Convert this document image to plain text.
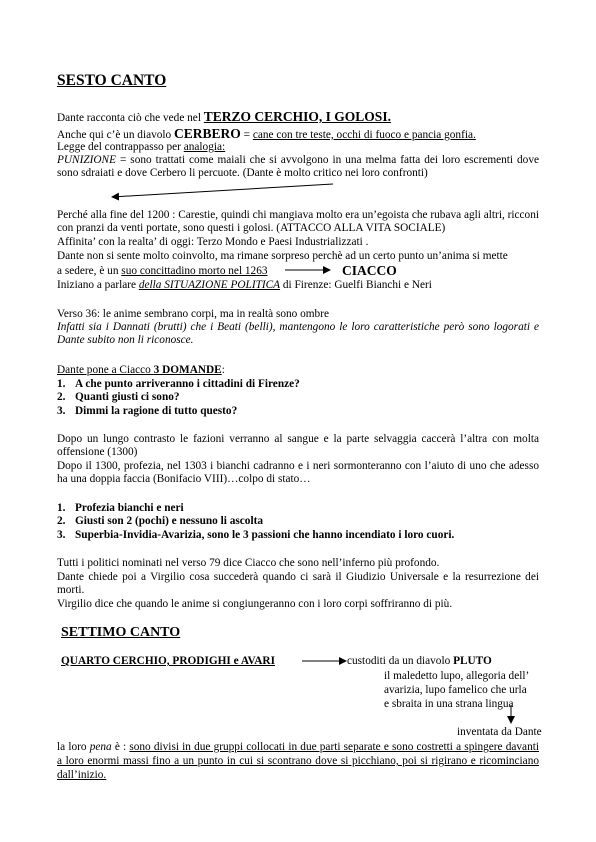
SESTO CANTO
Dante racconta ciò che vede nel TERZO CERCHIO, I GOLOSI.
Anche qui c’è un diavolo CERBERO = cane con tre teste, occhi di fuoco e pancia gonfia.
Legge del contrappasso per analogia:
PUNIZIONE = sono trattati come maiali che si avvolgono in una melma fatta dei loro escrementi dove sono sdraiati e dove Cerbero li percuote. (Dante è molto critico nei loro confronti)
Perché alla fine del 1200 : Carestie, quindi chi mangiava molto era un’egoista che rubava agli altri, ricconi con pranzi da venti portate, sono questi i golosi. (ATTACCO ALLA VITA SOCIALE)
Affinita’ con la realta’ di oggi: Terzo Mondo e Paesi Industrializzati .
Dante non si sente molto coinvolto, ma rimane sorpreso perchè ad un certo punto un’anima si mette
a sedere, è un suo concittadino morto nel 1263	CIACCO
Iniziano a parlare della SITUAZIONE POLITICA di Firenze: Guelfi Bianchi e Neri
Verso 36: le anime sembrano corpi, ma in realtà sono ombre
Infatti sia i Dannati (brutti) che i Beati (belli), mantengono le loro caratteristiche però sono logorati e Dante subito non li riconosce.
Dante pone a Ciacco 3 DOMANDE:
1. A che punto arriveranno i cittadini di Firenze?
2. Quanti giusti ci sono?
3. Dimmi la ragione di tutto questo?
Dopo un lungo contrasto le fazioni verranno al sangue e la parte selvaggia caccerà l’altra con molta offensione (1300)
Dopo il 1300, profezia, nel 1303 i bianchi cadranno e i neri sormonteranno con l’aiuto di uno che adesso ha una doppia faccia (Bonifacio VIII)…colpo di stato…
1. Profezia bianchi e neri
2. Giusti son 2 (pochi) e nessuno li ascolta
3. Superbia-Invidia-Avarizia, sono le 3 passioni che hanno incendiato i loro cuori.
Tutti i politici nominati nel verso 79 dice Ciacco che sono nell’inferno più profondo.
Dante chiede poi a Virgilio cosa succederà quando ci sarà il Giudizio Universale e la resurrezione dei morti.
Virgilio dice che quando le anime si congiungeranno con i loro corpi soffriranno di più.
SETTIMO CANTO
QUARTO CERCHIO, PRODIGHI e AVARI	custoditi da un diavolo PLUTO
il maledetto lupo, allegoria dell’
avarizia, lupo famelico che urla
e sbraita in una strana lingua
inventata da Dante
la loro pena è : sono divisi in due gruppi collocati in due parti separate e sono costretti a spingere davanti a loro enormi massi fino a un punto in cui si scontrano dove si picchiano, poi si rigirano e ricominciano dall’inizio.
